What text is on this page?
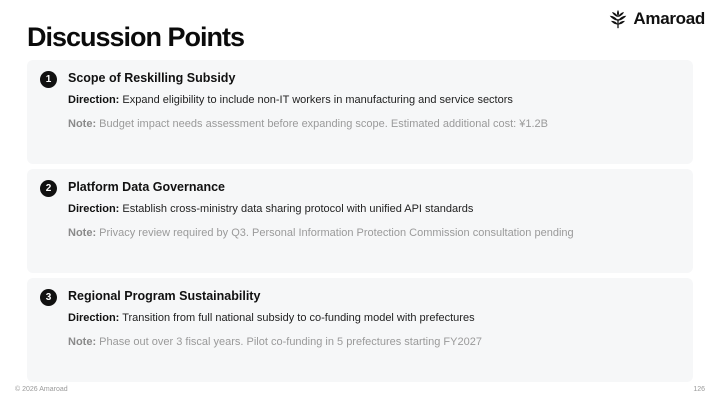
Discussion Points
Amaroad
1	Scope of Reskilling Subsidy
Direction: Expand eligibility to include non-IT workers in manufacturing and service sectors
Note: Budget impact needs assessment before expanding scope. Estimated additional cost: ¥1.2B
2	Platform Data Governance
Direction: Establish cross-ministry data sharing protocol with unified API standards
Note: Privacy review required by Q3. Personal Information Protection Commission consultation pending
3	Regional Program Sustainability
Direction: Transition from full national subsidy to co-funding model with prefectures
Note: Phase out over 3 fiscal years. Pilot co-funding in 5 prefectures starting FY2027
© 2026 Amaroad	126
